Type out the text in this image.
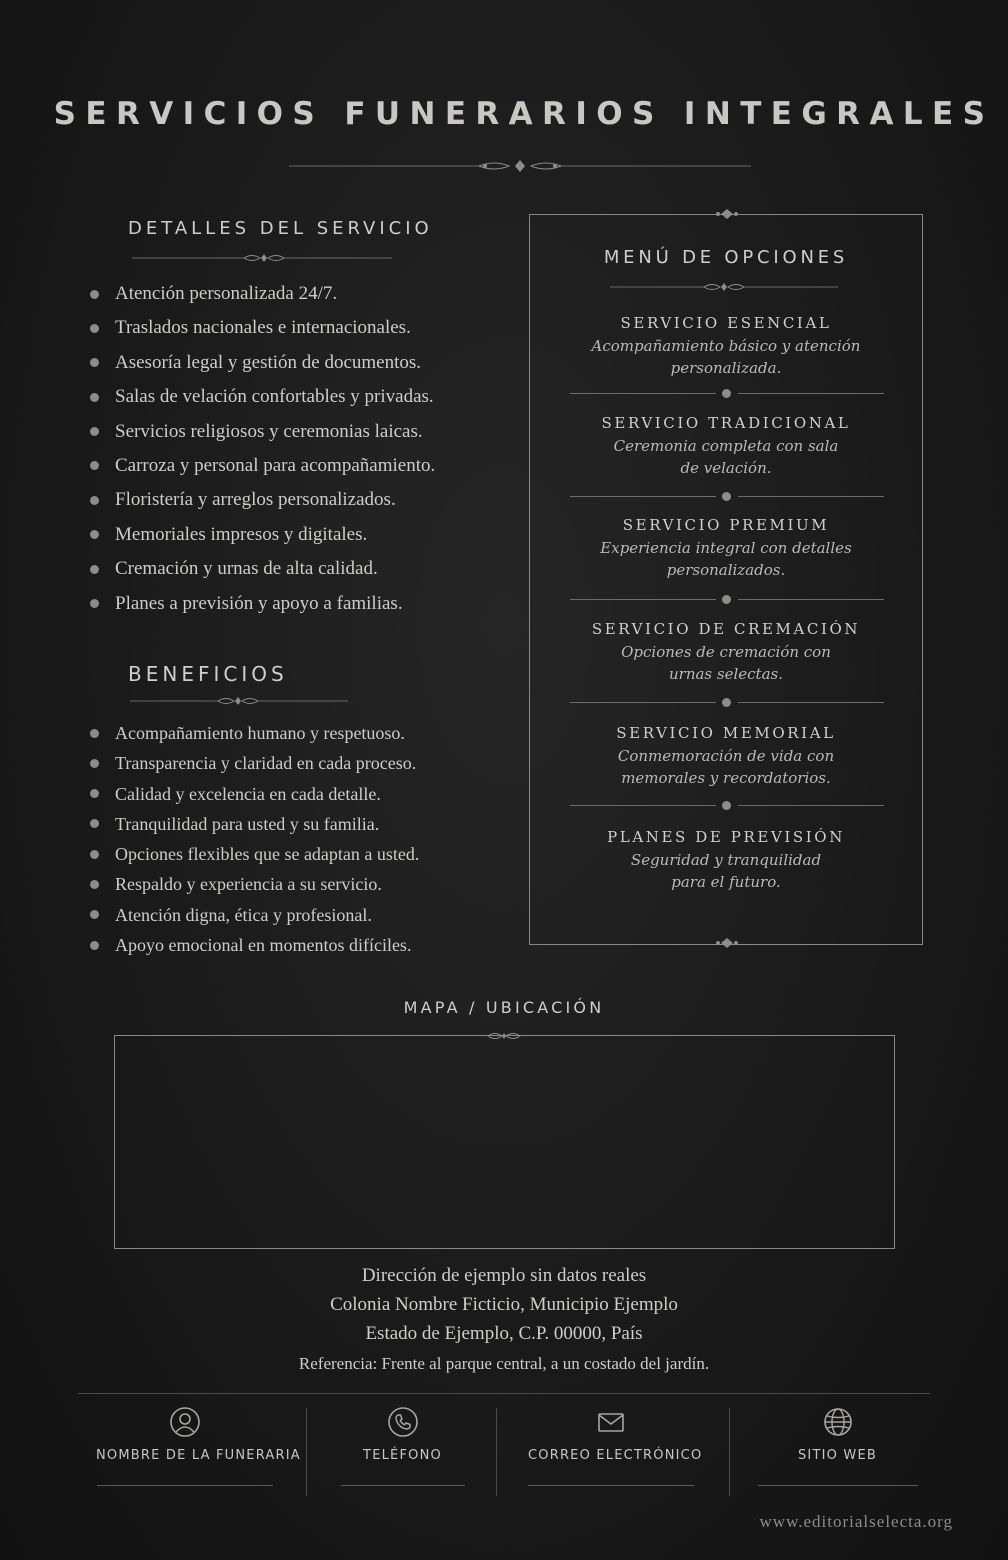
SERVICIOS FUNERARIOS INTEGRALES
DETALLES DEL SERVICIO
Atención personalizada 24/7.
Traslados nacionales e internacionales.
Asesoría legal y gestión de documentos.
Salas de velación confortables y privadas.
Servicios religiosos y ceremonias laicas.
Carroza y personal para acompañamiento.
Floristería y arreglos personalizados.
Memoriales impresos y digitales.
Cremación y urnas de alta calidad.
Planes a previsión y apoyo a familias.
BENEFICIOS
Acompañamiento humano y respetuoso.
Transparencia y claridad en cada proceso.
Calidad y excelencia en cada detalle.
Tranquilidad para usted y su familia.
Opciones flexibles que se adaptan a usted.
Respaldo y experiencia a su servicio.
Atención digna, ética y profesional.
Apoyo emocional en momentos difíciles.
MENÚ DE OPCIONES
SERVICIO ESENCIAL
Acompañamiento básico y atención
personalizada.
SERVICIO TRADICIONAL
Ceremonia completa con sala
de velación.
SERVICIO PREMIUM
Experiencia integral con detalles
personalizados.
SERVICIO DE CREMACIÓN
Opciones de cremación con
urnas selectas.
SERVICIO MEMORIAL
Conmemoración de vida con
memorales y recordatorios.
PLANES DE PREVISIÓN
Seguridad y tranquilidad
para el futuro.
MAPA / UBICACIÓN
Dirección de ejemplo sin datos reales
Colonia Nombre Ficticio, Municipio Ejemplo
Estado de Ejemplo, C.P. 00000, País
Referencia: Frente al parque central, a un costado del jardín.
NOMBRE DE LA FUNERARIA	TELÉFONO	CORREO ELECTRÓNICO	SITIO WEB
www.editorialselecta.org
